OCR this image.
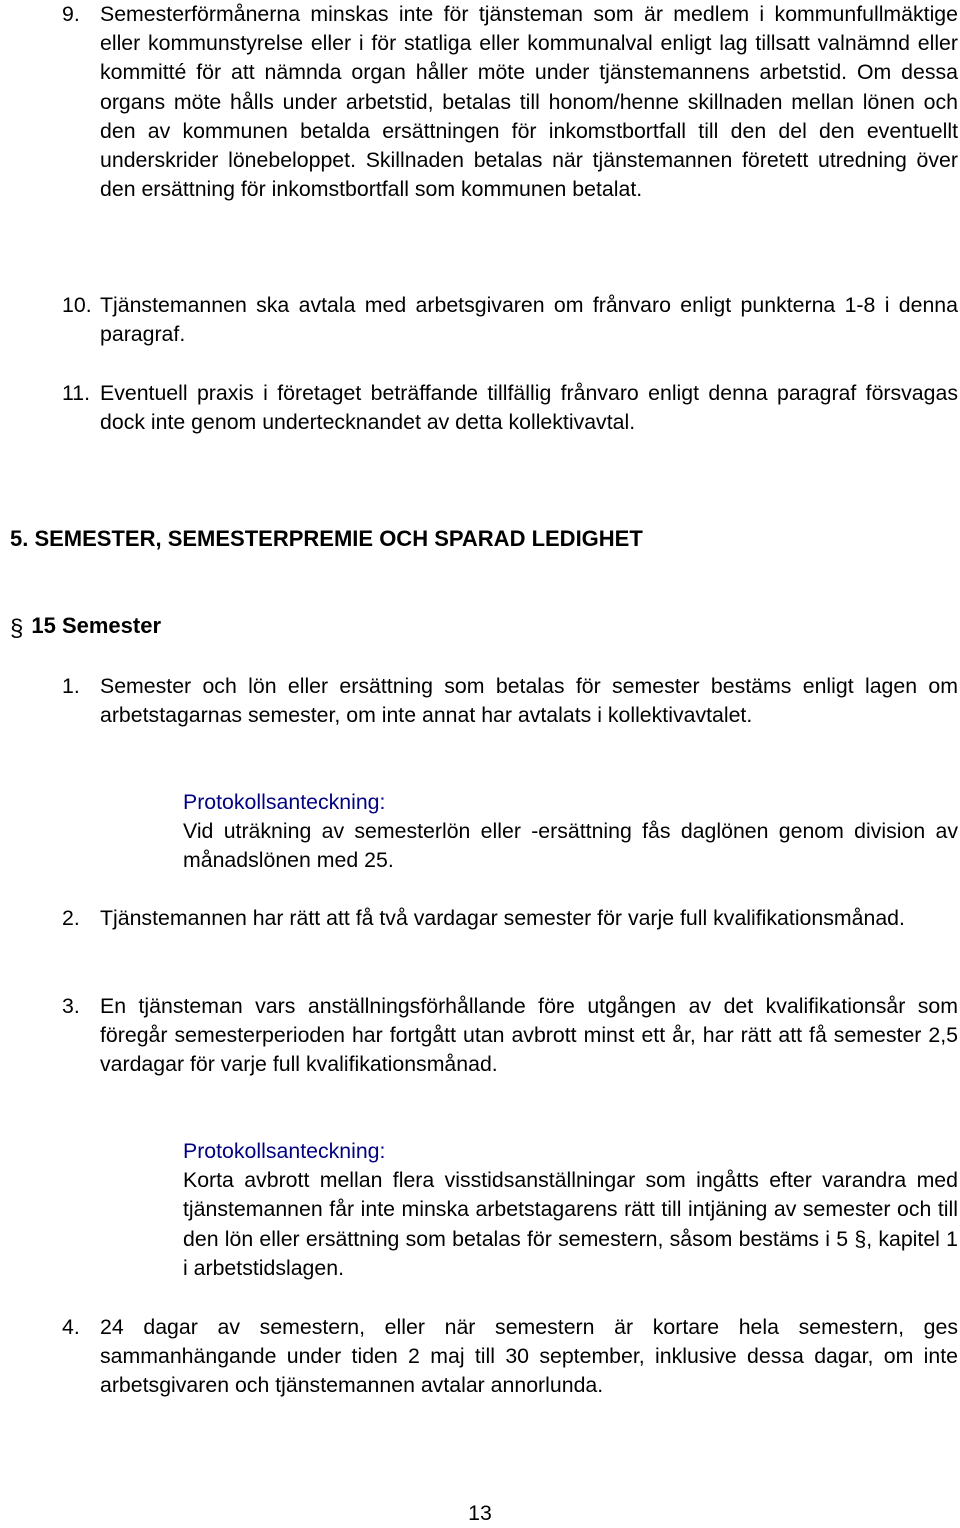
9. Semesterförmånerna minskas inte för tjänsteman som är medlem i kommunfullmäktige eller kommunstyrelse eller i för statliga eller kommunalval enligt lag tillsatt valnämnd eller kommitté för att nämnda organ håller möte under tjänstemannens arbetstid. Om dessa organs möte hålls under arbetstid, betalas till honom/henne skillnaden mellan lönen och den av kommunen betalda ersättningen för inkomstbortfall till den del den eventuellt underskrider lönebeloppet. Skillnaden betalas när tjänstemannen företett utredning över den ersättning för inkomstbortfall som kommunen betalat.
10. Tjänstemannen ska avtala med arbetsgivaren om frånvaro enligt punkterna 1-8 i denna paragraf.
11. Eventuell praxis i företaget beträffande tillfällig frånvaro enligt denna paragraf försvagas dock inte genom undertecknandet av detta kollektivavtal.
5. SEMESTER, SEMESTERPREMIE OCH SPARAD LEDIGHET
§ 15 Semester
1. Semester och lön eller ersättning som betalas för semester bestäms enligt lagen om arbetstagarnas semester, om inte annat har avtalats i kollektivavtalet.
Protokollsanteckning:
Vid uträkning av semesterlön eller -ersättning fås daglönen genom division av månadslönen med 25.
2. Tjänstemannen har rätt att få två vardagar semester för varje full kvalifikationsmånad.
3. En tjänsteman vars anställningsförhållande före utgången av det kvalifikationsår som föregår semesterperioden har fortgått utan avbrott minst ett år, har rätt att få semester 2,5 vardagar för varje full kvalifikationsmånad.
Protokollsanteckning:
Korta avbrott mellan flera visstidsanställningar som ingåtts efter varandra med tjänstemannen får inte minska arbetstagarens rätt till intjäning av semester och till den lön eller ersättning som betalas för semestern, såsom bestäms i 5 §, kapitel 1 i arbetstidslagen.
4. 24 dagar av semestern, eller när semestern är kortare hela semestern, ges sammanhängande under tiden 2 maj till 30 september, inklusive dessa dagar, om inte arbetsgivaren och tjänstemannen avtalar annorlunda.
13
